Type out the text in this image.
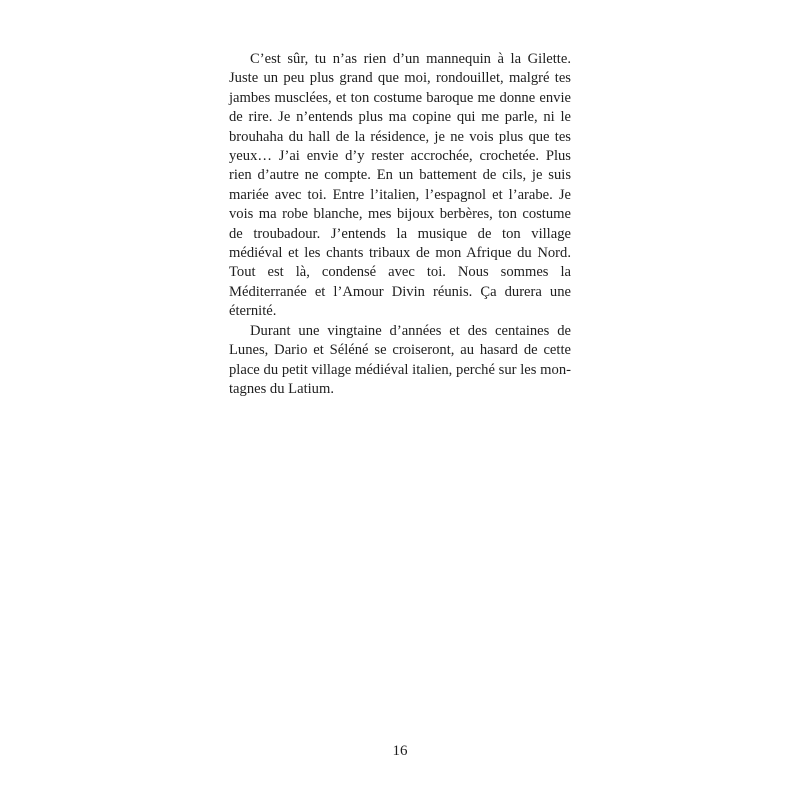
C’est sûr, tu n’as rien d’un mannequin à la Gilette. Juste un peu plus grand que moi, rondouillet, malgré tes jambes musclées, et ton costume baroque me donne envie de rire. Je n’entends plus ma copine qui me parle, ni le brouhaha du hall de la résidence, je ne vois plus que tes yeux… J’ai envie d’y rester accrochée, crochetée. Plus rien d’autre ne compte. En un battement de cils, je suis mariée avec toi. Entre l’italien, l’espagnol et l’arabe. Je vois ma robe blanche, mes bijoux berbères, ton costume de troubadour. J’entends la musique de ton village médiéval et les chants tribaux de mon Afrique du Nord. Tout est là, condensé avec toi. Nous sommes la Méditerranée et l’Amour Divin réunis. Ça durera une éternité.

Durant une vingtaine d’années et des centaines de Lunes, Dario et Séléné se croiseront, au hasard de cette place du petit village médiéval italien, perché sur les montagnes du Latium.

16
